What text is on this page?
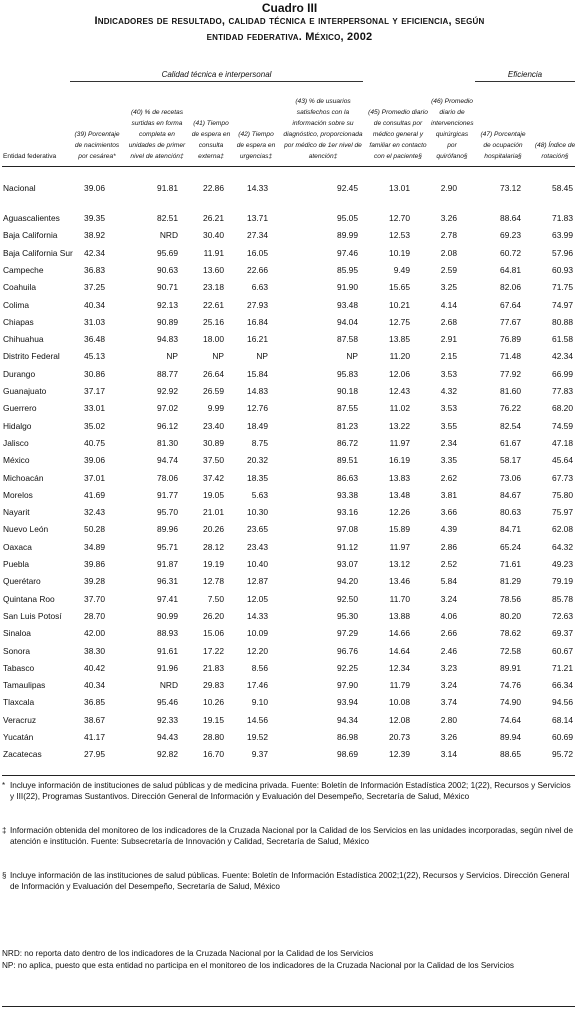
Cuadro III
Indicadores de resultado, calidad técnica e interpersonal y eficiencia, según
entidad federativa. México, 2002
Calidad técnica e interpersonal	Eficiencia
Entidad federativa
(39) Porcentaje de nacimientos por cesárea*
(40) % de recetas surtidas en forma completa en unidades de primer nivel de atención‡
(41) Tiempo de espera en consulta externa‡
(42) Tiempo de espera en urgencias‡
(43) % de usuarios satisfechos con la información sobre su diagnóstico, proporcionada por médico de 1er nivel de atención‡
(45) Promedio diario de consultas por médico general y familiar en contacto con el paciente§
(46) Promedio diario de intervenciones quirúrgicas por quirófano§
(47) Porcentaje de ocupación hospitalaria§
(48) Índice de rotación§
Nacional	39.06	91.81	22.86	14.33	92.45	13.01	2.90	73.12	58.45
Aguascalientes	39.35	82.51	26.21	13.71	95.05	12.70	3.26	88.64	71.83
Baja California	38.92	NRD	30.40	27.34	89.99	12.53	2.78	69.23	63.99
Baja California Sur 42.34	95.69	11.91	16.05	97.46	10.19	2.08	60.72	57.96
Campeche	36.83	90.63	13.60	22.66	85.95	9.49	2.59	64.81	60.93
Coahuila	37.25	90.71	23.18	6.63	91.90	15.65	3.25	82.06	71.75
Colima	40.34	92.13	22.61	27.93	93.48	10.21	4.14	67.64	74.97
Chiapas	31.03	90.89	25.16	16.84	94.04	12.75	2.68	77.67	80.88
Chihuahua	36.48	94.83	18.00	16.21	87.58	13.85	2.91	76.89	61.58
Distrito Federal	45.13	NP	NP	NP	NP	11.20	2.15	71.48	42.34
Durango	30.86	88.77	26.64	15.84	95.83	12.06	3.53	77.92	66.99
Guanajuato	37.17	92.92	26.59	14.83	90.18	12.43	4.32	81.60	77.83
Guerrero	33.01	97.02	9.99	12.76	87.55	11.02	3.53	76.22	68.20
Hidalgo	35.02	96.12	23.40	18.49	81.23	13.22	3.55	82.54	74.59
Jalisco	40.75	81.30	30.89	8.75	86.72	11.97	2.34	61.67	47.18
México	39.06	94.74	37.50	20.32	89.51	16.19	3.35	58.17	45.64
Michoacán	37.01	78.06	37.42	18.35	86.63	13.83	2.62	73.06	67.73
Morelos	41.69	91.77	19.05	5.63	93.38	13.48	3.81	84.67	75.80
Nayarit	32.43	95.70	21.01	10.30	93.16	12.26	3.66	80.63	75.97
Nuevo León	50.28	89.96	20.26	23.65	97.08	15.89	4.39	84.71	62.08
Oaxaca	34.89	95.71	28.12	23.43	91.12	11.97	2.86	65.24	64.32
Puebla	39.86	91.87	19.19	10.40	93.07	13.12	2.52	71.61	49.23
Querétaro	39.28	96.31	12.78	12.87	94.20	13.46	5.84	81.29	79.19
Quintana Roo	37.70	97.41	7.50	12.05	92.50	11.70	3.24	78.56	85.78
San Luis Potosí	28.70	90.99	26.20	14.33	95.30	13.88	4.06	80.20	72.63
Sinaloa	42.00	88.93	15.06	10.09	97.29	14.66	2.66	78.62	69.37
Sonora	38.30	91.61	17.22	12.20	96.76	14.64	2.46	72.58	60.67
Tabasco	40.42	91.96	21.83	8.56	92.25	12.34	3.23	89.91	71.21
Tamaulipas	40.34	NRD	29.83	17.46	97.90	11.79	3.24	74.76	66.34
Tlaxcala	36.85	95.46	10.26	9.10	93.94	10.08	3.74	74.90	94.56
Veracruz	38.67	92.33	19.15	14.56	94.34	12.08	2.80	74.64	68.14
Yucatán	41.17	94.43	28.80	19.52	86.98	20.73	3.26	89.94	60.69
Zacatecas	27.95	92.82	16.70	9.37	98.69	12.39	3.14	88.65	95.72
* Incluye información de instituciones de salud públicas y de medicina privada. Fuente: Boletín de Información Estadística 2002; 1(22), Recursos y Servicios y III(22), Programas Sustantivos. Dirección General de Información y Evaluación del Desempeño, Secretaría de Salud, México
‡ Información obtenida del monitoreo de los indicadores de la Cruzada Nacional por la Calidad de los Servicios en las unidades incorporadas, según nivel de atención e institución. Fuente: Subsecretaría de Innovación y Calidad, Secretaría de Salud, México
§ Incluye información de las instituciones de salud públicas. Fuente: Boletín de Información Estadística 2002;1(22), Recursos y Servicios. Dirección General de Información y Evaluación del Desempeño, Secretaría de Salud, México
NRD: no reporta dato dentro de los indicadores de la Cruzada Nacional por la Calidad de los Servicios
NP: no aplica, puesto que esta entidad no participa en el monitoreo de los indicadores de la Cruzada Nacional por la Calidad de los Servicios
